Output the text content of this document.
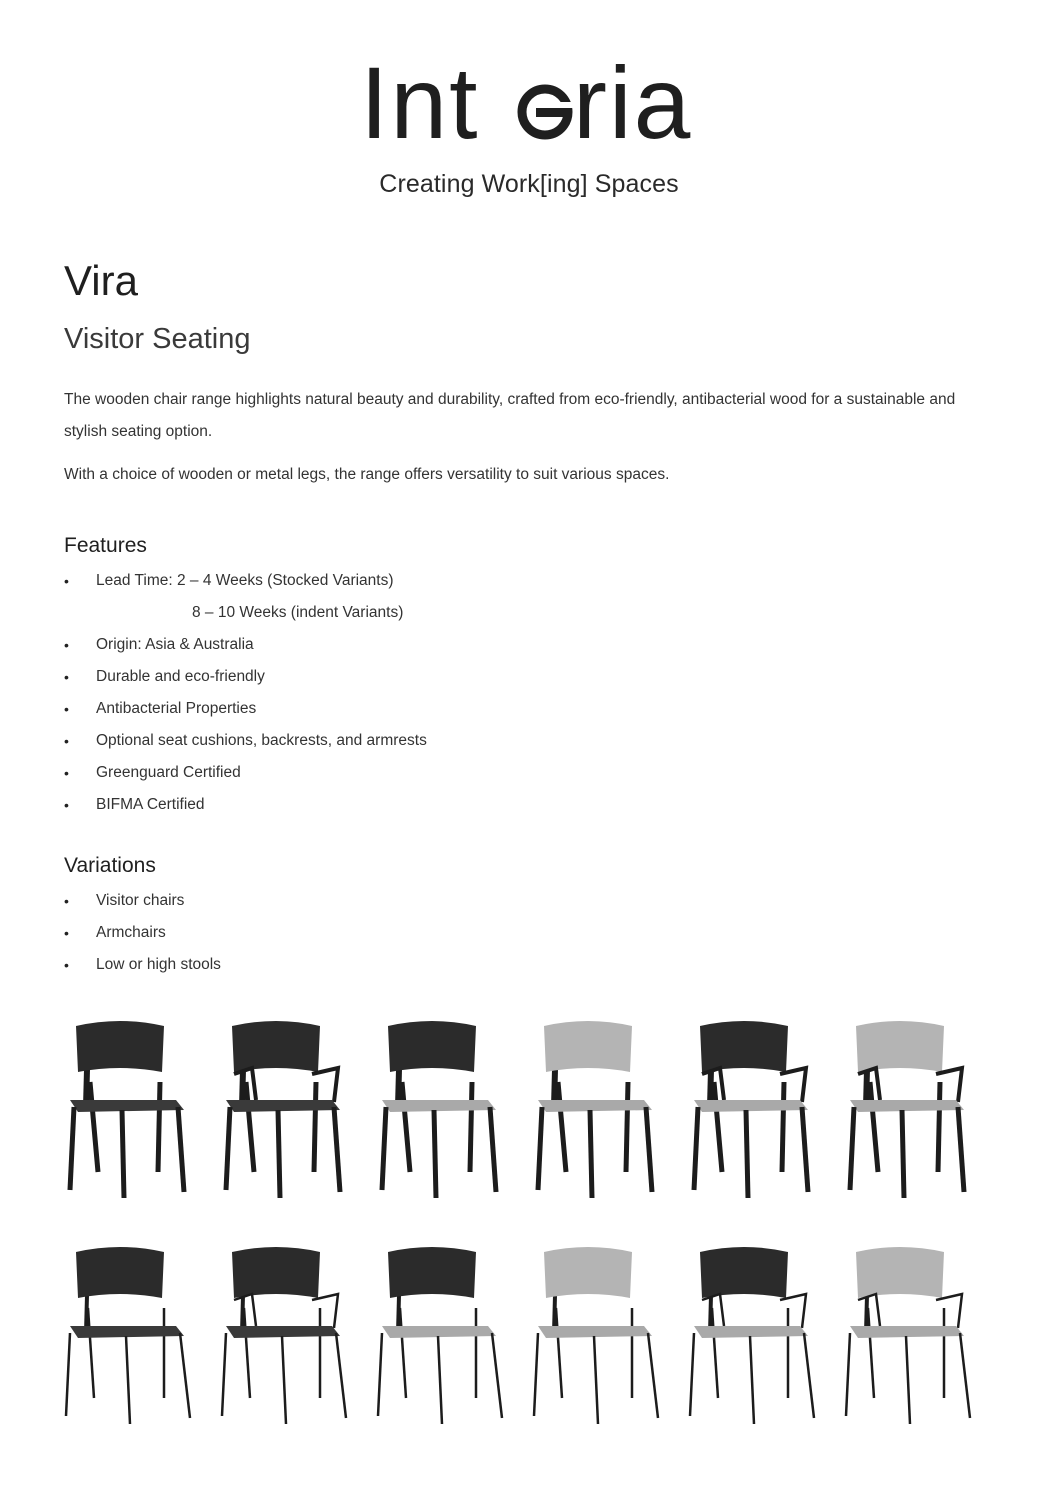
Int ria
Creating Work[ing] Spaces
Vira
Visitor Seating

The wooden chair range highlights natural beauty and durability, crafted from eco-friendly, antibacterial wood for a sustainable and stylish seating option.

With a choice of wooden or metal legs, the range offers versatility to suit various spaces.

Features
• Lead Time: 2 – 4 Weeks (Stocked Variants)
8 – 10 Weeks (indent Variants)
• Origin: Asia & Australia
• Durable and eco-friendly
• Antibacterial Properties
• Optional seat cushions, backrests, and armrests
• Greenguard Certified
• BIFMA Certified
Variations
• Visitor chairs
• Armchairs
• Low or high stools
